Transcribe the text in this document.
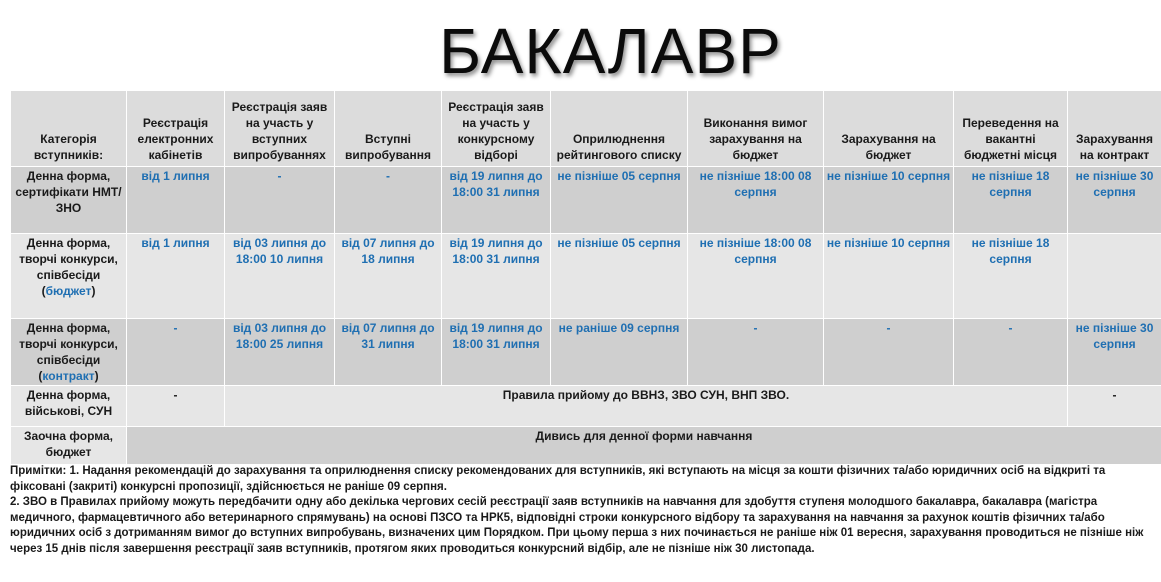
БАКАЛАВР
Категорія вступників:	Реєстрація електронних кабінетів	Реєстрація заяв на участь у вступних випробуваннях	Вступні випробування	Реєстрація заяв на участь у конкурсному відборі	Оприлюднення рейтингового списку	Виконання вимог зарахування на бюджет	Зарахування на бюджет	Переведення на вакантні бюджетні місця	Зарахування на контракт
Денна форма, сертифікати НМТ/ЗНО	від 1 липня	-	-	від 19 липня до 18:00 31 липня	не пізніше 05 серпня	не пізніше 18:00 08 серпня	не пізніше 10 серпня	не пізніше 18 серпня	не пізніше 30 серпня
Денна форма, творчі конкурси, співбесіди
(бюджет)	від 1 липня	від 03 липня до 18:00 10 липня	від 07 липня до 18 липня	від 19 липня до 18:00 31 липня	не пізніше 05 серпня	не пізніше 18:00 08 серпня	не пізніше 10 серпня	не пізніше 18 серпня	
Денна форма, творчі конкурси, співбесіди
(контракт)	-	від 03 липня до 18:00 25 липня	від 07 липня до 31 липня	від 19 липня до 18:00 31 липня	не раніше 09 серпня	-	-	-	не пізніше 30 серпня
Денна форма, військові, СУН	-	Правила прийому до ВВНЗ, ЗВО СУН, ВНП ЗВО.							-
Заочна форма, бюджет	Дивись для денної форми навчання								

Примітки: 1. Надання рекомендацій до зарахування та оприлюднення списку рекомендованих для вступників, які вступають на місця за кошти фізичних та/або юридичних осіб на відкриті та фіксовані (закриті) конкурсні пропозиції, здійснюється не раніше 09 серпня.

2. ЗВО в Правилах прийому можуть передбачити одну або декілька чергових сесій реєстрації заяв вступників на навчання для здобуття ступеня молодшого бакалавра, бакалавра (магістра медичного, фармацевтичного або ветеринарного спрямувань) на основі ПЗСО та НРК5, відповідні строки конкурсного відбору та зарахування на навчання за рахунок коштів фізичних та/або юридичних осіб з дотриманням вимог до вступних випробувань, визначених цим Порядком. При цьому перша з них починається не раніше ніж 01 вересня, зарахування проводиться не пізніше ніж через 15 днів після завершення реєстрації заяв вступників, протягом яких проводиться конкурсний відбір, але не пізніше ніж 30 листопада.
